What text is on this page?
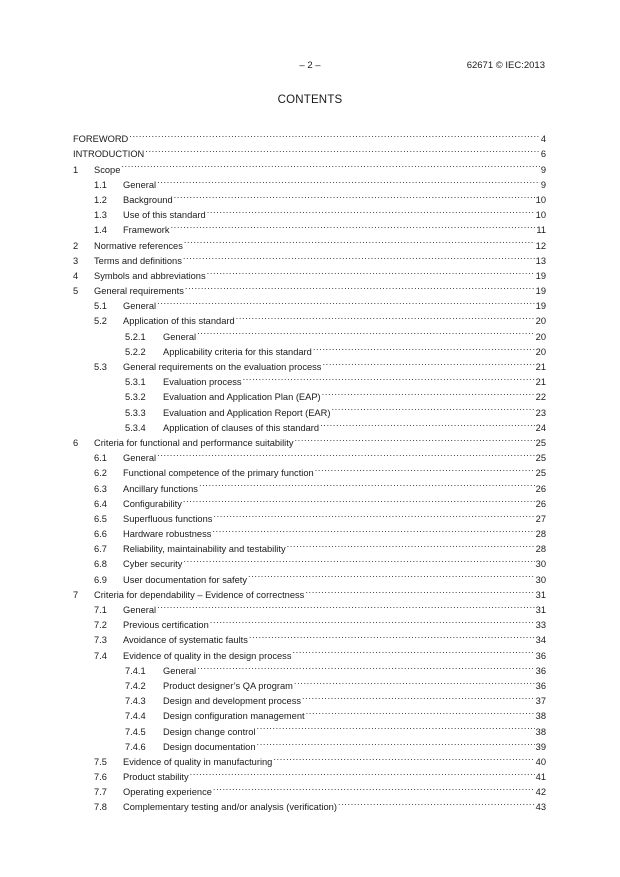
– 2 –	62671 © IEC:2013
CONTENTS
FOREWORD .....	4
INTRODUCTION .....	6
1	Scope .....	9
1.1	General .....	9
1.2	Background .....	10
1.3	Use of this standard .....	10
1.4	Framework .....	11
2	Normative references .....	12
3	Terms and definitions .....	13
4	Symbols and abbreviations .....	19
5	General requirements .....	19
5.1	General .....	19
5.2	Application of this standard .....	20
5.2.1	General .....	20
5.2.2	Applicability criteria for this standard .....	20
5.3	General requirements on the evaluation process .....	21
5.3.1	Evaluation process .....	21
5.3.2	Evaluation and Application Plan (EAP) .....	22
5.3.3	Evaluation and Application Report (EAR) .....	23
5.3.4	Application of clauses of this standard .....	24
6	Criteria for functional and performance suitability .....	25
6.1	General .....	25
6.2	Functional competence of the primary function .....	25
6.3	Ancillary functions .....	26
6.4	Configurability .....	26
6.5	Superfluous functions .....	27
6.6	Hardware robustness .....	28
6.7	Reliability, maintainability and testability .....	28
6.8	Cyber security .....	30
6.9	User documentation for safety .....	30
7	Criteria for dependability – Evidence of correctness .....	31
7.1	General .....	31
7.2	Previous certification .....	33
7.3	Avoidance of systematic faults .....	34
7.4	Evidence of quality in the design process .....	36
7.4.1	General .....	36
7.4.2	Product designer’s QA program .....	36
7.4.3	Design and development process .....	37
7.4.4	Design configuration management .....	38
7.4.5	Design change control .....	38
7.4.6	Design documentation .....	39
7.5	Evidence of quality in manufacturing .....	40
7.6	Product stability .....	41
7.7	Operating experience .....	42
7.8	Complementary testing and/or analysis (verification) .....	43
